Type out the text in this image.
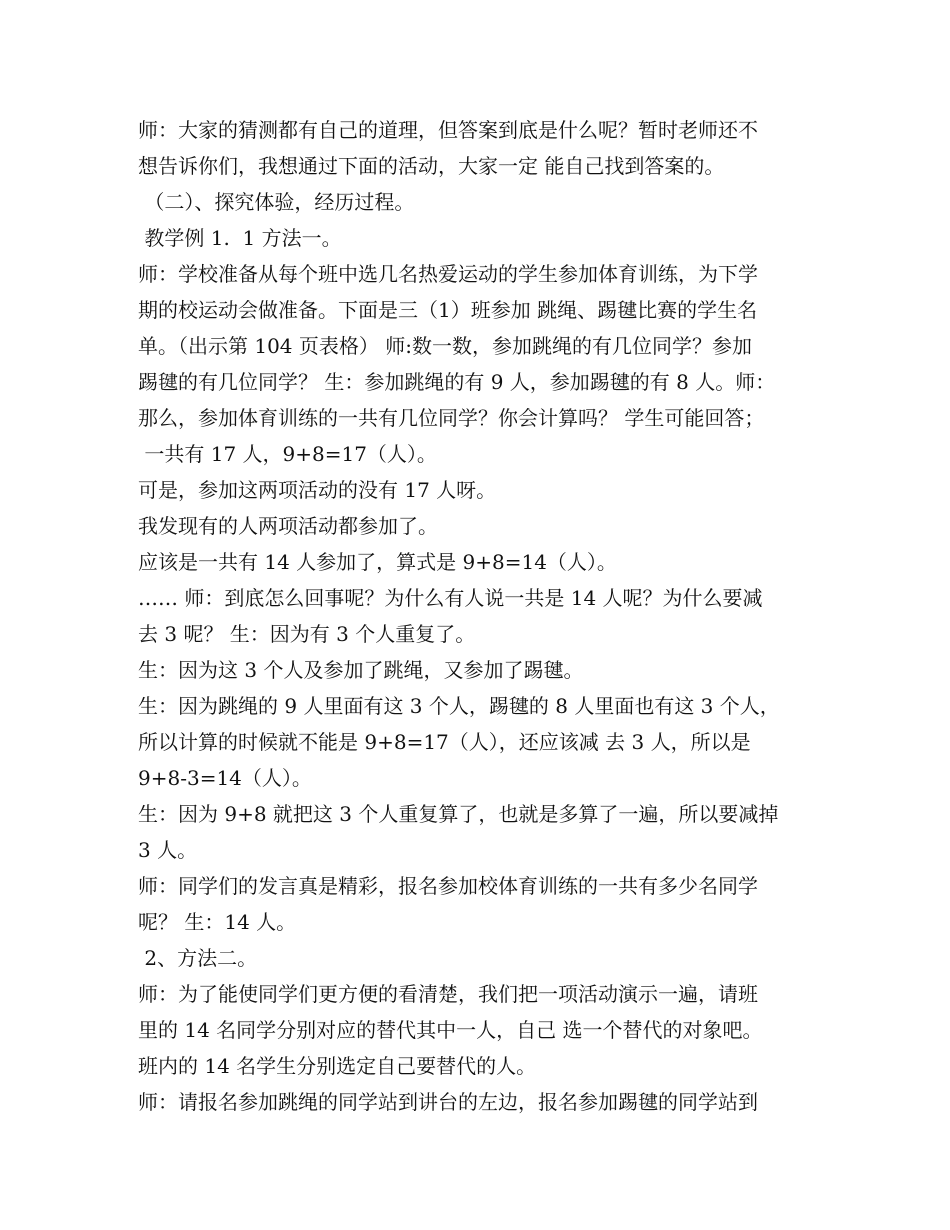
师：大家的猜测都有自己的道理，但答案到底是什么呢？暂时老师还不
想告诉你们，我想通过下面的活动，大家一定 能自己找到答案的。
（二）、探究体验，经历过程。
教学例 1.  1 方法一。
师：学校准备从每个班中选几名热爱运动的学生参加体育训练，为下学
期的校运动会做准备。下面是三（1）班参加 跳绳、踢毽比赛的学生名
单。（出示第 104 页表格） 师:数一数，参加跳绳的有几位同学？参加
踢毽的有几位同学？ 生：参加跳绳的有 9 人，参加踢毽的有 8 人。师：
那么，参加体育训练的一共有几位同学？你会计算吗？ 学生可能回答；
一共有 17 人，9+8=17（人）。
可是，参加这两项活动的没有 17 人呀。
我发现有的人两项活动都参加了。
应该是一共有 14 人参加了，算式是 9+8=14（人）。
…… 师：到底怎么回事呢？为什么有人说一共是 14 人呢？为什么要减
去 3 呢？ 生：因为有 3 个人重复了。
生：因为这 3 个人及参加了跳绳，又参加了踢毽。
生：因为跳绳的 9 人里面有这 3 个人，踢毽的 8 人里面也有这 3 个人，
所以计算的时候就不能是 9+8=17（人），还应该减 去 3 人，所以是
9+8-3=14（人）。
生：因为 9+8 就把这 3 个人重复算了，也就是多算了一遍，所以要减掉
3 人。
师：同学们的发言真是精彩，报名参加校体育训练的一共有多少名同学
呢？ 生：14 人。
2、方法二。
师：为了能使同学们更方便的看清楚，我们把一项活动演示一遍，请班
里的 14 名同学分别对应的替代其中一人，自己 选一个替代的对象吧。
班内的 14 名学生分别选定自己要替代的人。
师：请报名参加跳绳的同学站到讲台的左边，报名参加踢毽的同学站到
